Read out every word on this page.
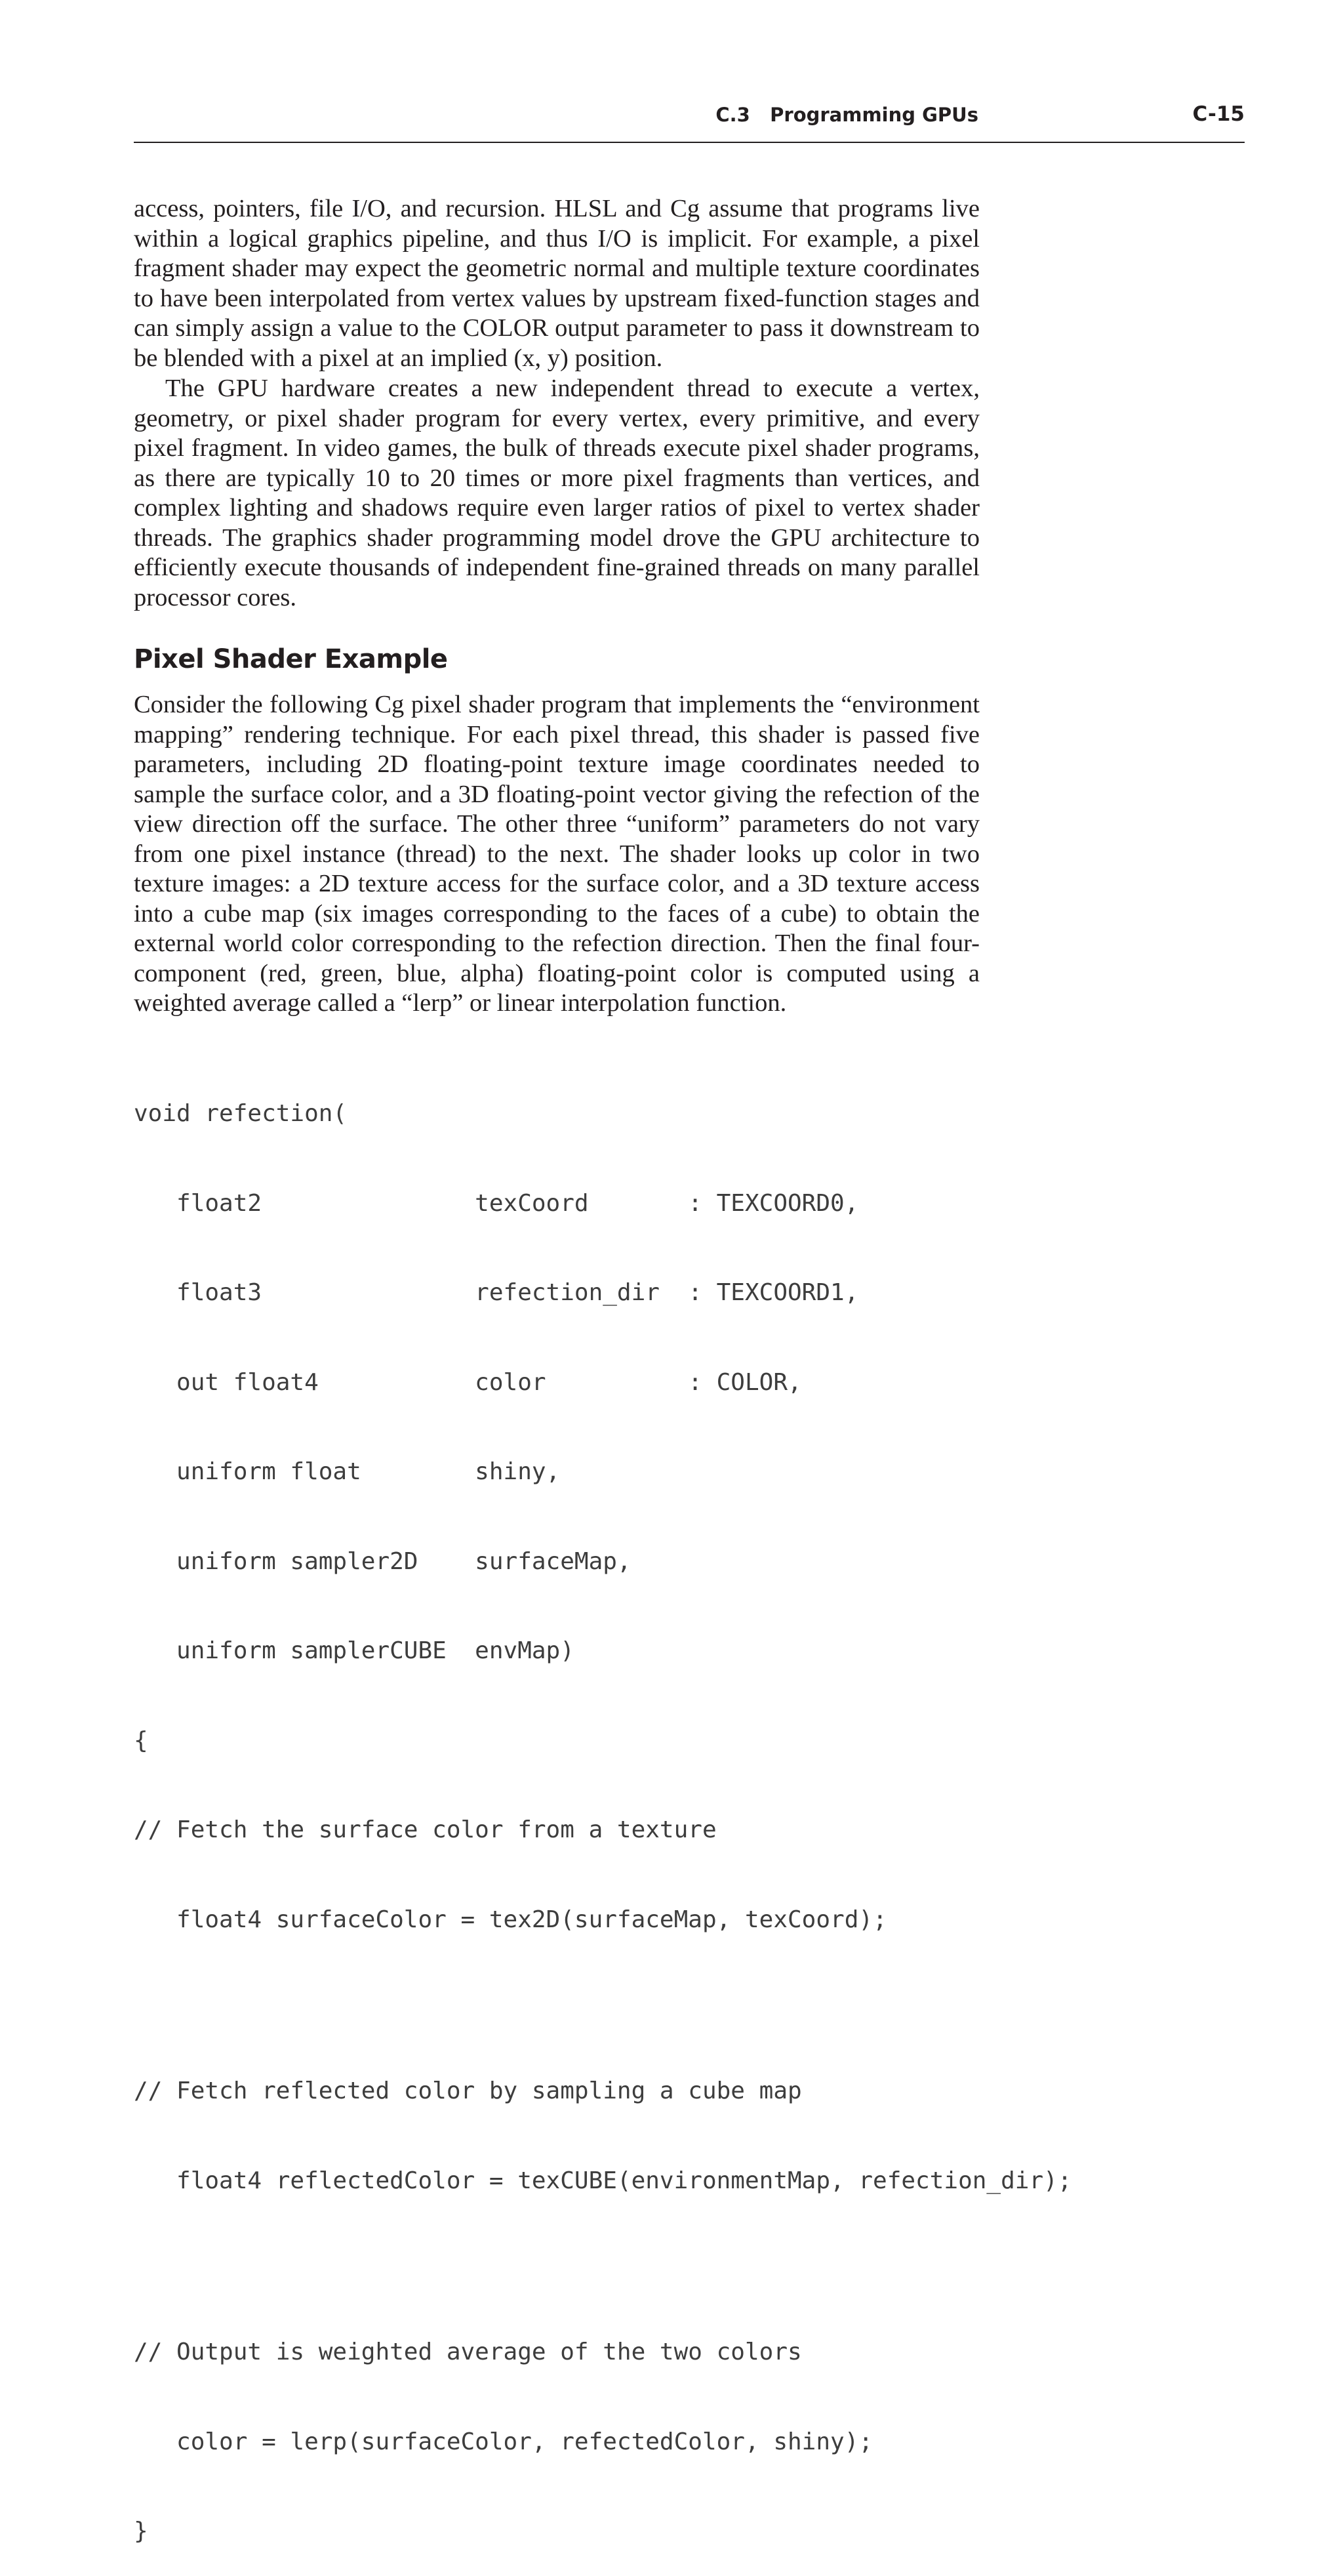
C.3   Programming GPUs	C-15

access, pointers, file I/O, and recursion. HLSL and Cg assume that programs live within a logical graphics pipeline, and thus I/O is implicit. For example, a pixel fragment shader may expect the geometric normal and multiple texture coordinates to have been interpolated from vertex values by upstream fixed-function stages and can simply assign a value to the COLOR output parameter to pass it downstream to be blended with a pixel at an implied (x, y) position.

The GPU hardware creates a new independent thread to execute a vertex, geometry, or pixel shader program for every vertex, every primitive, and every pixel fragment. In video games, the bulk of threads execute pixel shader programs, as there are typically 10 to 20 times or more pixel fragments than vertices, and complex lighting and shadows require even larger ratios of pixel to vertex shader threads. The graphics shader programming model drove the GPU architecture to efficiently execute thousands of independent fine-grained threads on many parallel processor cores.

Pixel Shader Example

Consider the following Cg pixel shader program that implements the “environment mapping” rendering technique. For each pixel thread, this shader is passed five parameters, including 2D floating-point texture image coordinates needed to sample the surface color, and a 3D floating-point vector giving the refection of the view direction off the surface. The other three “uniform” parameters do not vary from one pixel instance (thread) to the next. The shader looks up color in two texture images: a 2D texture access for the surface color, and a 3D texture access into a cube map (six images corresponding to the faces of a cube) to obtain the external world color corresponding to the refection direction. Then the final four-component (red, green, blue, alpha) floating-point color is computed using a weighted average called a “lerp” or linear interpolation function.

void refection(

float2               texCoord       : TEXCOORD0,

float3               refection_dir  : TEXCOORD1,

out float4           color          : COLOR,

uniform float        shiny,

uniform sampler2D    surfaceMap,

uniform samplerCUBE  envMap)

{

// Fetch the surface color from a texture

float4 surfaceColor = tex2D(surfaceMap, texCoord);

// Fetch reflected color by sampling a cube map

float4 reflectedColor = texCUBE(environmentMap, refection_dir);

// Output is weighted average of the two colors

color = lerp(surfaceColor, refectedColor, shiny);

}
